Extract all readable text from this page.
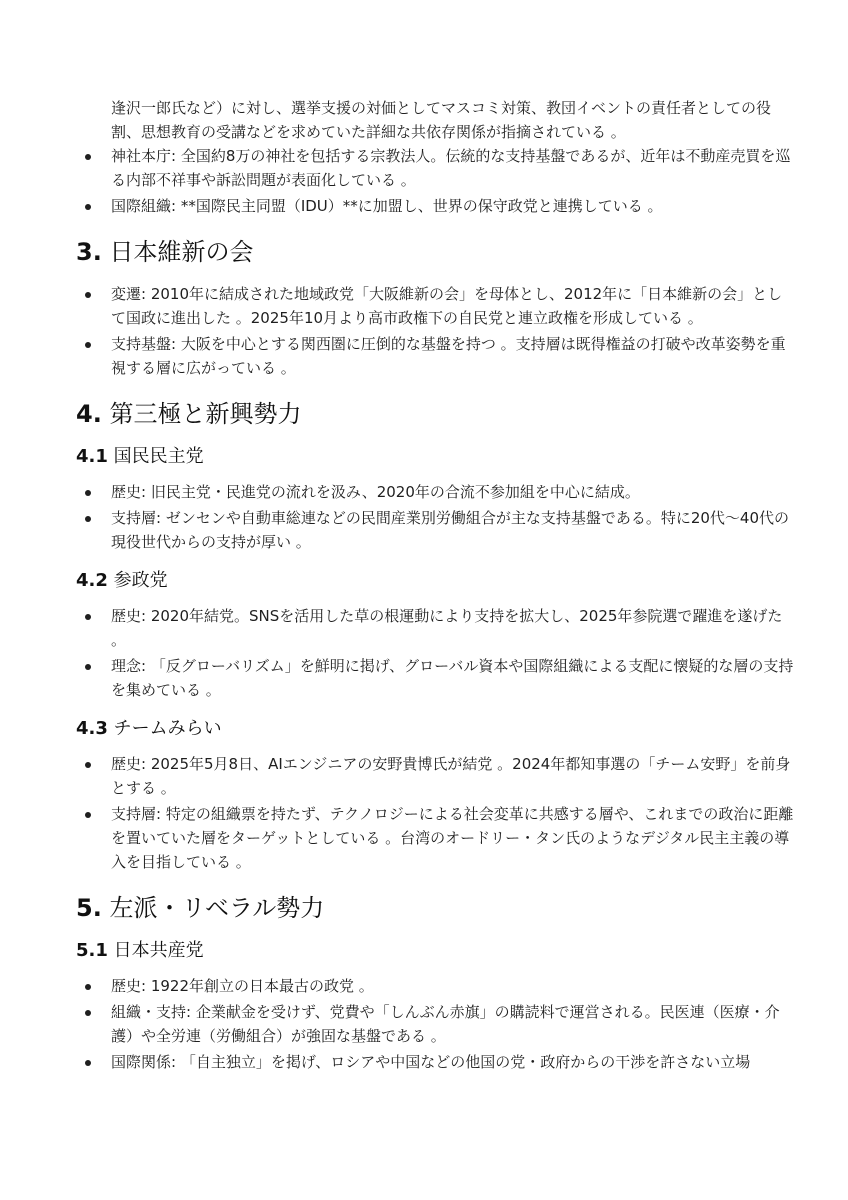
逢沢一郎氏など）に対し、選挙支援の対価としてマスコミ対策、教団イベントの責任者としての役割、思想教育の受講などを求めていた詳細な共依存関係が指摘されている 。

神社本庁: 全国約8万の神社を包括する宗教法人。伝統的な支持基盤であるが、近年は不動産売買を巡る内部不祥事や訴訟問題が表面化している 。
国際組織: **国際民主同盟（IDU）**に加盟し、世界の保守政党と連携している 。
3. 日本維新の会
変遷: 2010年に結成された地域政党「大阪維新の会」を母体とし、2012年に「日本維新の会」として国政に進出した 。2025年10月より高市政権下の自民党と連立政権を形成している 。
支持基盤: 大阪を中心とする関西圏に圧倒的な基盤を持つ 。支持層は既得権益の打破や改革姿勢を重視する層に広がっている 。
4. 第三極と新興勢力
4.1 国民民主党
歴史: 旧民主党・民進党の流れを汲み、2020年の合流不参加組を中心に結成。
支持層: ゼンセンや自動車総連などの民間産業別労働組合が主な支持基盤である。特に20代〜40代の現役世代からの支持が厚い 。
4.2 参政党
歴史: 2020年結党。SNSを活用した草の根運動により支持を拡大し、2025年参院選で躍進を遂げた 。
理念: 「反グローバリズム」を鮮明に掲げ、グローバル資本や国際組織による支配に懐疑的な層の支持を集めている 。
4.3 チームみらい
歴史: 2025年5月8日、AIエンジニアの安野貴博氏が結党 。2024年都知事選の「チーム安野」を前身とする 。
支持層: 特定の組織票を持たず、テクノロジーによる社会変革に共感する層や、これまでの政治に距離を置いていた層をターゲットとしている 。台湾のオードリー・タン氏のようなデジタル民主主義の導入を目指している 。
5. 左派・リベラル勢力
5.1 日本共産党
歴史: 1922年創立の日本最古の政党 。
組織・支持: 企業献金を受けず、党費や「しんぶん赤旗」の購読料で運営される。民医連（医療・介護）や全労連（労働組合）が強固な基盤である 。
国際関係: 「自主独立」を掲げ、ロシアや中国などの他国の党・政府からの干渉を許さない立場
